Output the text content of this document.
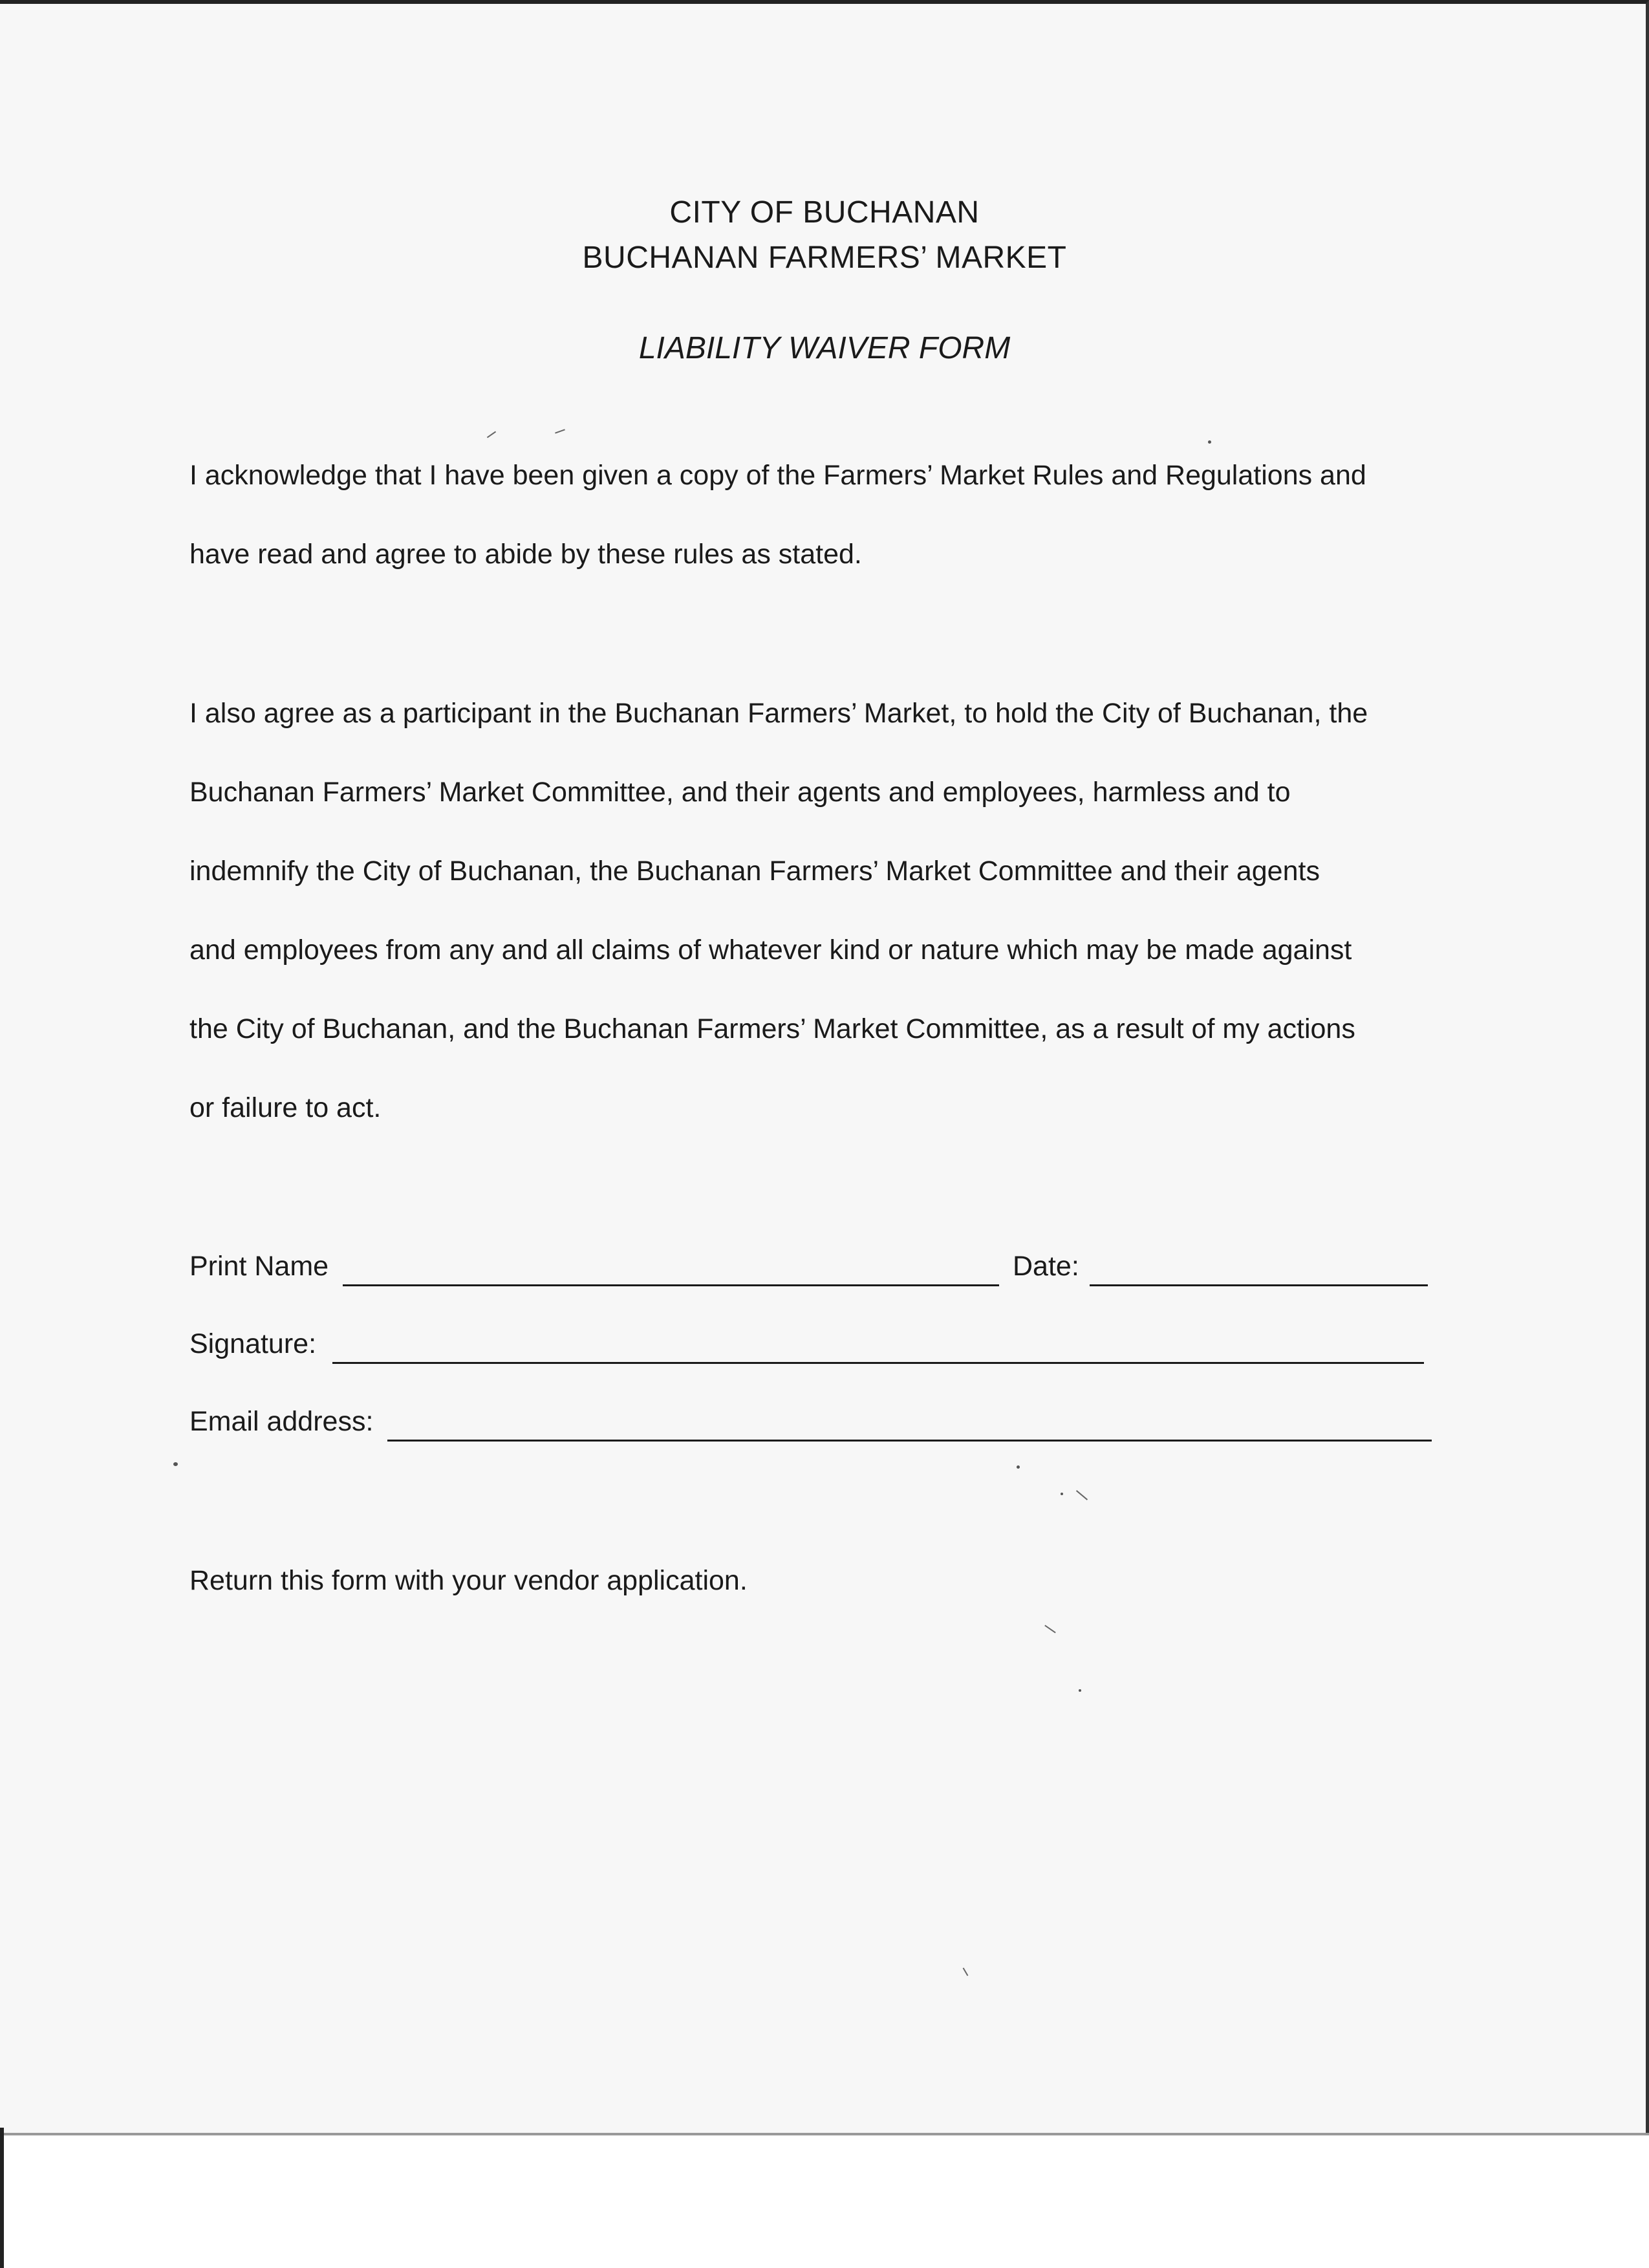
CITY OF BUCHANAN
BUCHANAN FARMERS’ MARKET
LIABILITY WAIVER FORM
I acknowledge that I have been given a copy of the Farmers’ Market Rules and Regulations and
have read and agree to abide by these rules as stated.
I also agree as a participant in the Buchanan Farmers’ Market, to hold the City of Buchanan, the
Buchanan Farmers’ Market Committee, and their agents and employees, harmless and to
indemnify the City of Buchanan, the Buchanan Farmers’ Market Committee and their agents
and employees from any and all claims of whatever kind or nature which may be made against
the City of Buchanan, and the Buchanan Farmers’ Market Committee, as a result of my actions
or failure to act.
Print Name	Date:
Signature:
Email address:
Return this form with your vendor application.
